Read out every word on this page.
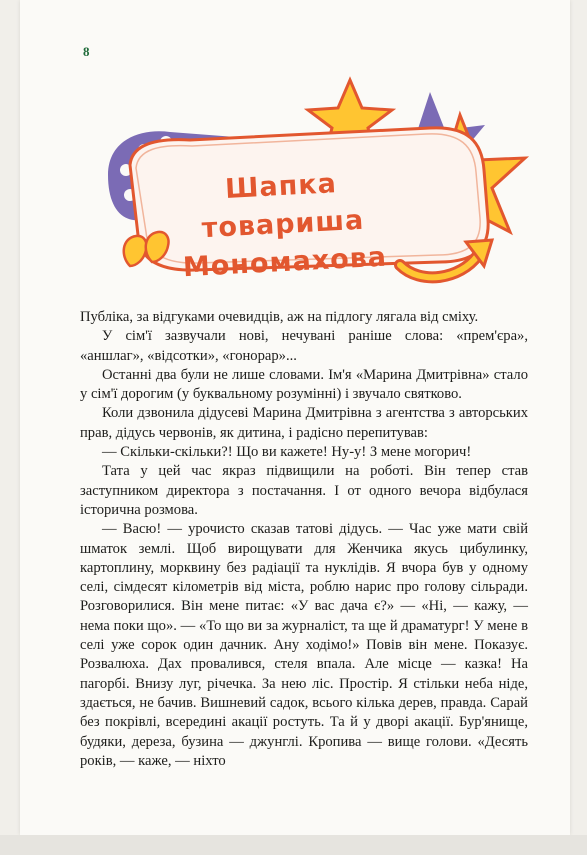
8
Шапка товариша
Мономахова

Публіка, за відгуками очевидців, аж на підлогу лягала від сміху.

У сім'ї зазвучали нові, нечувані раніше слова: «прем'єра», «аншлаг», «відсотки», «гонорар»...

Останні два були не лише словами. Ім'я «Марина Дмитрівна» стало у сім'ї дорогим (у буквальному розумінні) і звучало святково.

Коли дзвонила дідусеві Марина Дмитрівна з агентства з авторських прав, дідусь червонів, як дитина, і радісно перепитував:

— Скільки-скільки?! Що ви кажете! Ну-у! З мене могорич!

Тата у цей час якраз підвищили на роботі. Він тепер став заступником директора з постачання. І от одного вечора відбулася історична розмова.

— Васю! — урочисто сказав татові дідусь. — Час уже мати свій шматок землі. Щоб вирощувати для Женчика якусь цибулинку, картоплину, морквину без радіації та нуклідів. Я вчора був у одному селі, сімдесят кілометрів від міста, роблю нарис про голову сільради. Розговорилися. Він мене питає: «У вас дача є?» — «Ні, — кажу, — нема поки що». — «То що ви за журналіст, та ще й драматург! У мене в селі уже сорок один дачник. Ану ходімо!» Повів він мене. Показує. Розвалюха. Дах провалився, стеля впала. Але місце — казка! На пагорбі. Внизу луг, річечка. За нею ліс. Простір. Я стільки неба ніде, здається, не бачив. Вишневий садок, всього кілька дерев, правда. Сарай без покрівлі, всередині акації ростуть. Та й у дворі акації. Бур'янище, будяки, дереза, бузина — джунглі. Кропива — вище голови. «Десять років, — каже, — ніхто
